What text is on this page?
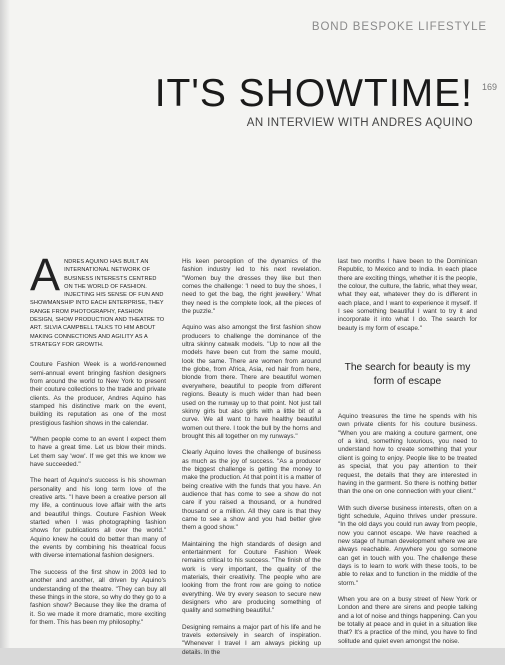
BOND BESPOKE LIFESTYLE
169
IT'S SHOWTIME!
AN INTERVIEW WITH ANDRES AQUINO
ANDRES AQUINO HAS BUILT AN INTERNATIONAL NETWORK OF BUSINESS INTERESTS CENTRED ON THE WORLD OF FASHION. INJECTING HIS SENSE OF FUN AND SHOWMANSHIP INTO EACH ENTERPRISE, THEY RANGE FROM PHOTOGRAPHY, FASHION DESIGN, SHOW PRODUCTION AND THEATRE TO ART. SILVIA CAMPBELL TALKS TO HIM ABOUT MAKING CONNECTIONS AND AGILITY AS A STRATEGY FOR GROWTH.

Couture Fashion Week is a world-renowned semi-annual event bringing fashion designers from around the world to New York to present their couture collections to the trade and private clients. As the producer, Andres Aquino has stamped his distinctive mark on the event, building its reputation as one of the most prestigious fashion shows in the calendar.

"When people come to an event I expect them to have a great time. Let us blow their minds. Let them say 'wow'. If we get this we know we have succeeded."

The heart of Aquino's success is his showman personality and his long term love of the creative arts. "I have been a creative person all my life, a continuous love affair with the arts and beautiful things. Couture Fashion Week started when I was photographing fashion shows for publications all over the world." Aquino knew he could do better than many of the events by combining his theatrical focus with diverse international fashion designers.

The success of the first show in 2003 led to another and another, all driven by Aquino's understanding of the theatre. "They can buy all these things in the store, so why do they go to a fashion show? Because they like the drama of it. So we made it more dramatic, more exciting for them. This has been my philosophy."

His keen perception of the dynamics of the fashion industry led to his next revelation. "Women buy the dresses they like but then comes the challenge: 'I need to buy the shoes, I need to get the bag, the right jewellery.' What they need is the complete look, all the pieces of the puzzle."

Aquino was also amongst the first fashion show producers to challenge the dominance of the ultra skinny catwalk models. "Up to now all the models have been cut from the same mould, look the same. There are women from around the globe, from Africa, Asia, red hair from here, blonde from there. There are beautiful women everywhere, beautiful to people from different regions. Beauty is much wider than had been used on the runway up to that point. Not just tall skinny girls but also girls with a little bit of a curve. We all want to have healthy beautiful women out there. I took the bull by the horns and brought this all together on my runways."

Clearly Aquino loves the challenge of business as much as the joy of success. "As a producer the biggest challenge is getting the money to make the production. At that point it is a matter of being creative with the funds that you have. An audience that has come to see a show do not care if you raised a thousand, or a hundred thousand or a million. All they care is that they came to see a show and you had better give them a good show."

Maintaining the high standards of design and entertainment for Couture Fashion Week remains critical to his success. "The finish of the work is very important, the quality of the materials, their creativity. The people who are looking from the front row are going to notice everything. We try every season to secure new designers who are producing something of quality and something beautiful."

Designing remains a major part of his life and he travels extensively in search of inspiration. "Whenever I travel I am always picking up details. In the

last two months I have been to the Dominican Republic, to Mexico and to India. In each place there are exciting things, whether it is the people, the colour, the culture, the fabric, what they wear, what they eat, whatever they do is different in each place, and I want to experience it myself. If I see something beautiful I want to try it and incorporate it into what I do. The search for beauty is my form of escape."

The search for beauty is my form of escape

Aquino treasures the time he spends with his own private clients for his couture business. "When you are making a couture garment, one of a kind, something luxurious, you need to understand how to create something that your client is going to enjoy. People like to be treated as special, that you pay attention to their request, the details that they are interested in having in the garment. So there is nothing better than the one on one connection with your client."

With such diverse business interests, often on a tight schedule, Aquino thrives under pressure. "In the old days you could run away from people, now you cannot escape. We have reached a new stage of human development where we are always reachable. Anywhere you go someone can get in touch with you. The challenge these days is to learn to work with these tools, to be able to relax and to function in the middle of the storm."

When you are on a busy street of New York or London and there are sirens and people talking and a lot of noise and things happening. Can you be totally at peace and in quiet in a situation like that? It's a practice of the mind, you have to find solitude and quiet even amongst the noise.
